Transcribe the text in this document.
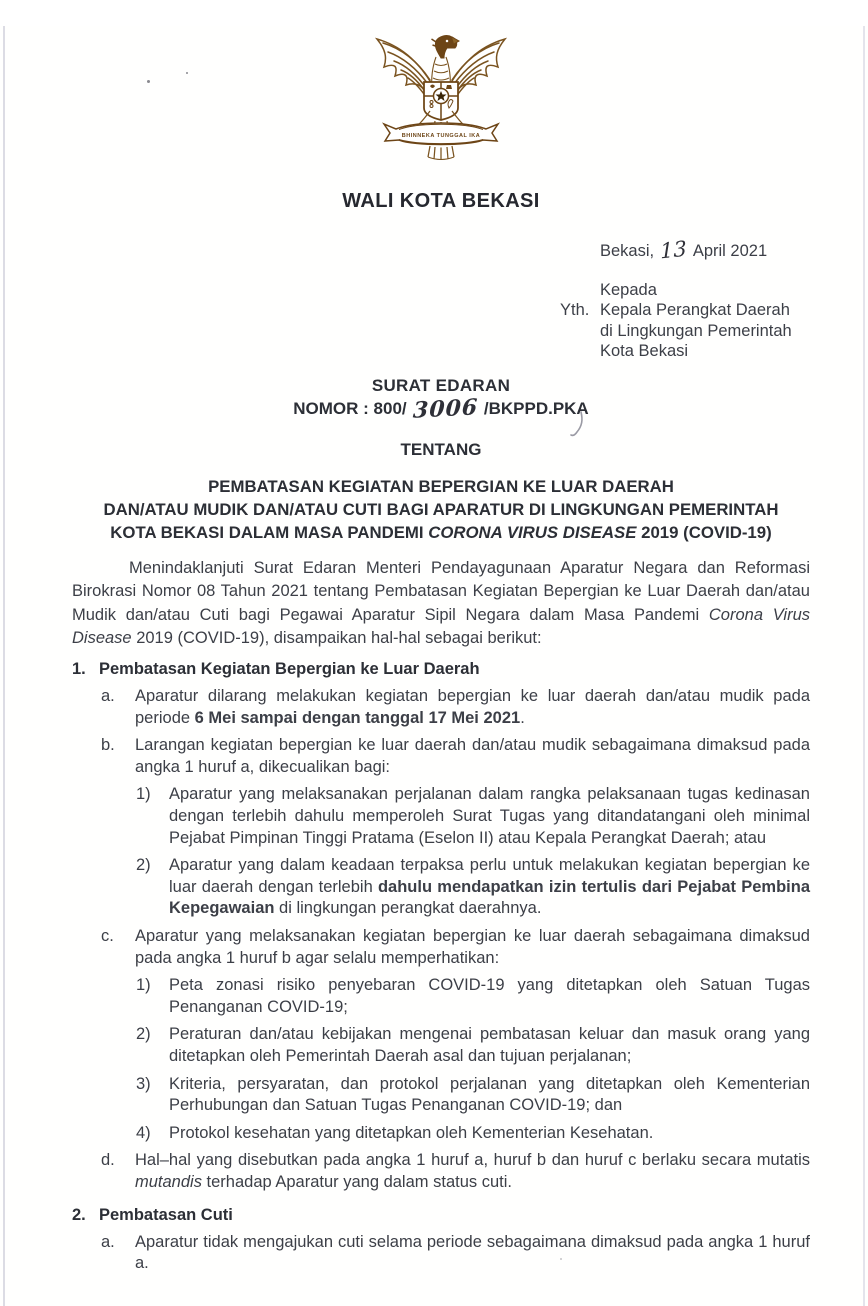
BHINNEKA TUNGGAL IKA
WALI KOTA BEKASI
Bekasi, 13 April 2021
Kepada
Yth. Kepala Perangkat Daerah
di Lingkungan Pemerintah
Kota Bekasi
SURAT EDARAN
NOMOR : 800/ 3006 /BKPPD.PKA
TENTANG
PEMBATASAN KEGIATAN BEPERGIAN KE LUAR DAERAH
DAN/ATAU MUDIK DAN/ATAU CUTI BAGI APARATUR DI LINGKUNGAN PEMERINTAH
KOTA BEKASI DALAM MASA PANDEMI CORONA VIRUS DISEASE 2019 (COVID-19)

Menindaklanjuti Surat Edaran Menteri Pendayagunaan Aparatur Negara dan Reformasi Birokrasi Nomor 08 Tahun 2021 tentang Pembatasan Kegiatan Bepergian ke Luar Daerah dan/atau Mudik dan/atau Cuti bagi Pegawai Aparatur Sipil Negara dalam Masa Pandemi Corona Virus Disease 2019 (COVID-19), disampaikan hal-hal sebagai berikut:

1. Pembatasan Kegiatan Bepergian ke Luar Daerah
a.	Aparatur dilarang melakukan kegiatan bepergian ke luar daerah dan/atau mudik pada periode 6 Mei sampai dengan tanggal 17 Mei 2021.
b.	Larangan kegiatan bepergian ke luar daerah dan/atau mudik sebagaimana dimaksud pada angka 1 huruf a, dikecualikan bagi:
1)	Aparatur yang melaksanakan perjalanan dalam rangka pelaksanaan tugas kedinasan dengan terlebih dahulu memperoleh Surat Tugas yang ditandatangani oleh minimal Pejabat Pimpinan Tinggi Pratama (Eselon II) atau Kepala Perangkat Daerah; atau
2)	Aparatur yang dalam keadaan terpaksa perlu untuk melakukan kegiatan bepergian ke luar daerah dengan terlebih dahulu mendapatkan izin tertulis dari Pejabat Pembina Kepegawaian di lingkungan perangkat daerahnya.
c.	Aparatur yang melaksanakan kegiatan bepergian ke luar daerah sebagaimana dimaksud pada angka 1 huruf b agar selalu memperhatikan:
1)	Peta zonasi risiko penyebaran COVID-19 yang ditetapkan oleh Satuan Tugas Penanganan COVID-19;
2)	Peraturan dan/atau kebijakan mengenai pembatasan keluar dan masuk orang yang ditetapkan oleh Pemerintah Daerah asal dan tujuan perjalanan;
3)	Kriteria, persyaratan, dan protokol perjalanan yang ditetapkan oleh Kementerian Perhubungan dan Satuan Tugas Penanganan COVID-19; dan
4)	Protokol kesehatan yang ditetapkan oleh Kementerian Kesehatan.
d.	Hal–hal yang disebutkan pada angka 1 huruf a, huruf b dan huruf c berlaku secara mutatis mutandis terhadap Aparatur yang dalam status cuti.
2. Pembatasan Cuti
a.	Aparatur tidak mengajukan cuti selama periode sebagaimana dimaksud pada angka 1 huruf a.
